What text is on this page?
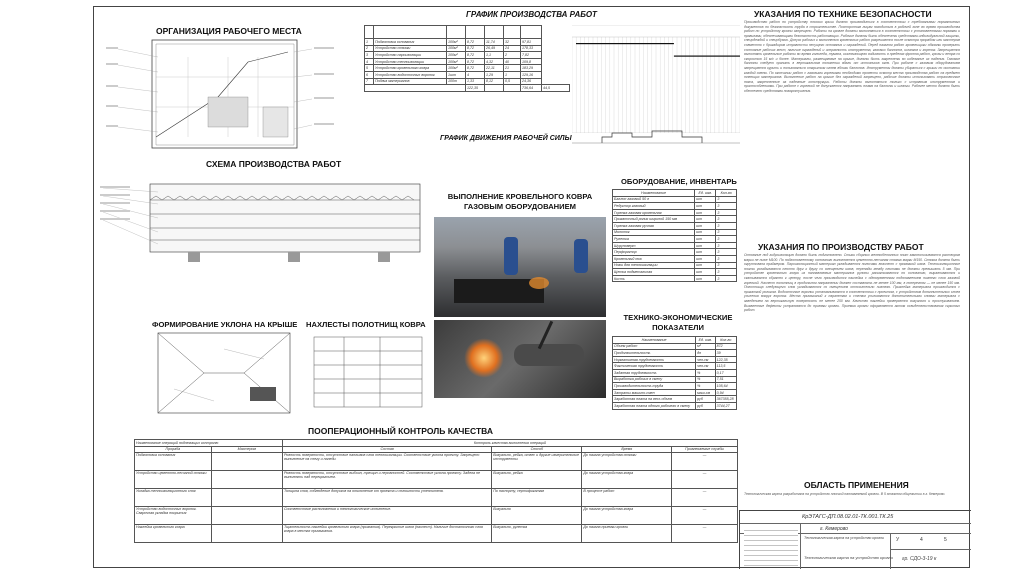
ОРГАНИЗАЦИЯ РАБОЧЕГО МЕСТА
ГРАФИК ПРОИЗВОДСТВА РАБОТ

1	Подготовка основания	100м²	8,72	11,74	32	97,81	
2	Устройство стяжки	100м²	8,72	26,49	24	178,33	
3	Устройство пароизоляции	100м²	8,72	1,1	2	7,82	
4	Устройство теплоизоляции	100м²	8,72	4,32	40	109,8	
5	Устройство кровельного ковра	100м²	8,72	22,11	21	183,29	
6	Устройство водосточных воронок	1шт	4	1,29	1	129,16	
7	Подача материалов	100т	1,33	8,12	0,5	24,36	
			122,35			736,64	44,5
ГРАФИК ДВИЖЕНИЯ РАБОЧЕЙ СИЛЫ
УКАЗАНИЯ ПО ТЕХНИКЕ БЕЗОПАСНОСТИ
Производство работ по устройству плоских крыш должно производиться в соответствии с требованиями нормативных документов по безопасности труда в строительстве. Посторонним лицам находиться в рабочей зоне во время производства работ по устройству кровли запрещено. Работы на кровле должны выполняться в соответствии с установленными нормами и правилами, обеспечивающими безопасность работающих. Рабочие должны быть обеспечены средствами индивидуальной защиты, спецодеждой и спецобувью. Допуск рабочих к выполнению кровельных работ разрешается после осмотра прорабом или мастером совместно с бригадиром исправности несущего основания и ограждений. Перед началом работ кровельщики обязаны проверить состояние рабочих мест, наличие ограждений и исправность инструмента, газовых баллонов, шлангов и горелок. Запрещается выполнять кровельные работы во время гололеда, тумана, исключающего видимость в пределах фронта работ, грозы и ветра со скоростью 15 м/с и более. Материалы, размещаемые на крыше, должны быть закреплены во избежание их падения. Газовые баллоны следует хранить в вертикальном положении вдали от источников огня. При работе с газовым оборудованием запрещается курить и пользоваться открытым огнем вблизи баллонов. Инструменты должны убираться с крыши по окончании каждой смены. По окончании работ с газовыми горелками необходимо провести осмотр места производства работ на предмет тлеющих материалов. Выполнение работ на крыше без ограждений запрещено, рабочие должны использовать страховочные пояса, закрепленные за надежные конструкции. Работы должны выполняться только с исправным инструментом и приспособлениями. При работе с горелкой не допускается направлять пламя на баллоны и шланги. Рабочее место должно быть обеспечено средствами пожаротушения.
СХЕМА ПРОИЗВОДСТВА РАБОТ
ВЫПОЛНЕНИЕ КРОВЕЛЬНОГО КОВРА ГАЗОВЫМ ОБОРУДОВАНИЕМ
ОБОРУДОВАНИЕ, ИНВЕНТАРЬ
Наименование	Ед. изм.	Кол-во
Баллон газовый 50 л	шт	3
Редуктор газовый	шт	3
Горелка газовая кровельная	шт	3
Прикаточный ролик шириной 150 мм	шт	3
Горелка газовая ручная	шт	3
Молоток	шт	3
Рулетка	шт	3
Шуруповерт	шт	3
Перфоратор	шт	3
Кровельный нож	шт	3
Ножи для теплоизоляции	шт	3
Щетка подметальная	шт	3
Кисть	шт	3
ТЕХНИКО-ЭКОНОМИЧЕСКИЕ ПОКАЗАТЕЛИ
Наименование	Ед. изм.	Кол-во
Объем работ	м²	872
Продолжительность	дн	39
Нормативная трудоемкость	чел-см	122,35
Фактическая трудоемкость	чел-см	113,5
Заданная трудоемкость	%	0,17
Выработка рабочих в смену	%	7,51
Производительность труда	%	105,64
Затраты машино-смен	маш-см	0,94
Заработная плата на весь объем	руб	367355,28
Заработная плата одного рабочего в смену	руб	3744,27
УКАЗАНИЯ ПО ПРОИЗВОДСТВУ РАБОТ
Основание под гидроизоляцию должно быть подготовлено. Стыки сборных железобетонных плит замоноличиваются раствором марки не ниже М100. По подготовленному основанию выполняется цементно-песчаная стяжка марки М150. Стяжка должна быть огрунтована праймером. Пароизоляционный материал укладывается полосами внахлест с промазкой швов. Теплоизоляционные плиты укладываются плотно друг к другу со смещением швов, перепады между плитами не должны превышать 5 мм. При устройстве кровельного ковра из наплавляемых материалов рулоны раскатываются по основанию, выравниваются и скатываются обратно к центру, после чего производится наклейка с одновременным подплавлением нижнего слоя газовой горелкой. Нахлест полотнищ в продольном направлении должен составлять не менее 100 мм, в поперечном — не менее 150 мм. Полотнища следующего слоя укладываются со смещением относительно нижнего. Приклейка материала производится с прикаткой роликом. Водосточные воронки устанавливаются в соответствии с проектом, с устройством дополнительных слоев усиления вокруг воронок. Места примыканий к парапетам и стенам усиливаются дополнительными слоями материала с заведением на вертикальную поверхность не менее 250 мм. Качество наклейки проверяется визуально и простукиванием. Выявленные дефекты устраняются до приемки кровли. Приемка кровли оформляется актом освидетельствования скрытых работ.
ФОРМИРОВАНИЕ УКЛОНА НА КРЫШЕ НАХЛЕСТЫ ПОЛОТНИЩ КОВРА
ПООПЕРАЦИОННЫЙ КОНТРОЛЬ КАЧЕСТВА
Наименование операций подлежащих контролю		Контроль качества выполнения операций			
Прораба	Мастером	Состав	Способ	Время	Привлекаемые службы
Подготовка основания		Ровность поверхности, отсутствие наплывов слоя теплоизоляции. Соответствие уклона проекту. Запрещено выполнение на снегу и наледи.	Визуально, рейка, отвес и другие измерительные инструменты	До начала устройства стяжки	—
Устройство цементно-песчаной стяжки		Ровность поверхности, отсутствие выбоин, трещин и неровностей. Соответствие уклона проекту. Задела не выполнять над перекрытием.	Визуально, рейка	До начала устройства ковра	—
Укладка теплоизоляционного слоя		Толщина слоя, соблюдение допусков на отклонение от проекта и сплошности утеплителя.	По паспорту, сертификатам	В процессе работ	—
Устройство водосточных воронок. Сварочная укладка покрытия		Соответствие расположения и технологическое исполнение.	Визуально	До начала устройства ковра	—
Наклейка кровельного ковра		Тщательность наклейки кровельного ковра (прижатия). Перекрытие швов (нахлест). Наличие достаточного слоя ковра в местах примыкания.	Визуально, рулетка	До начала приемки кровли	—
ОБЛАСТЬ ПРИМЕНЕНИЯ
Технологическая карта разработана на устройство плоской наплавляемой кровли. В 5 этажном общежитии в г. Кемерово.
КрЭТАГС-ДП.08.02.01-ТК.001.ТК.25
г. Кемерово
Технологическая карта на устройство кровли	У	4	5
Технологическая карта на устройство кровли гр. СДО-3-19 к
